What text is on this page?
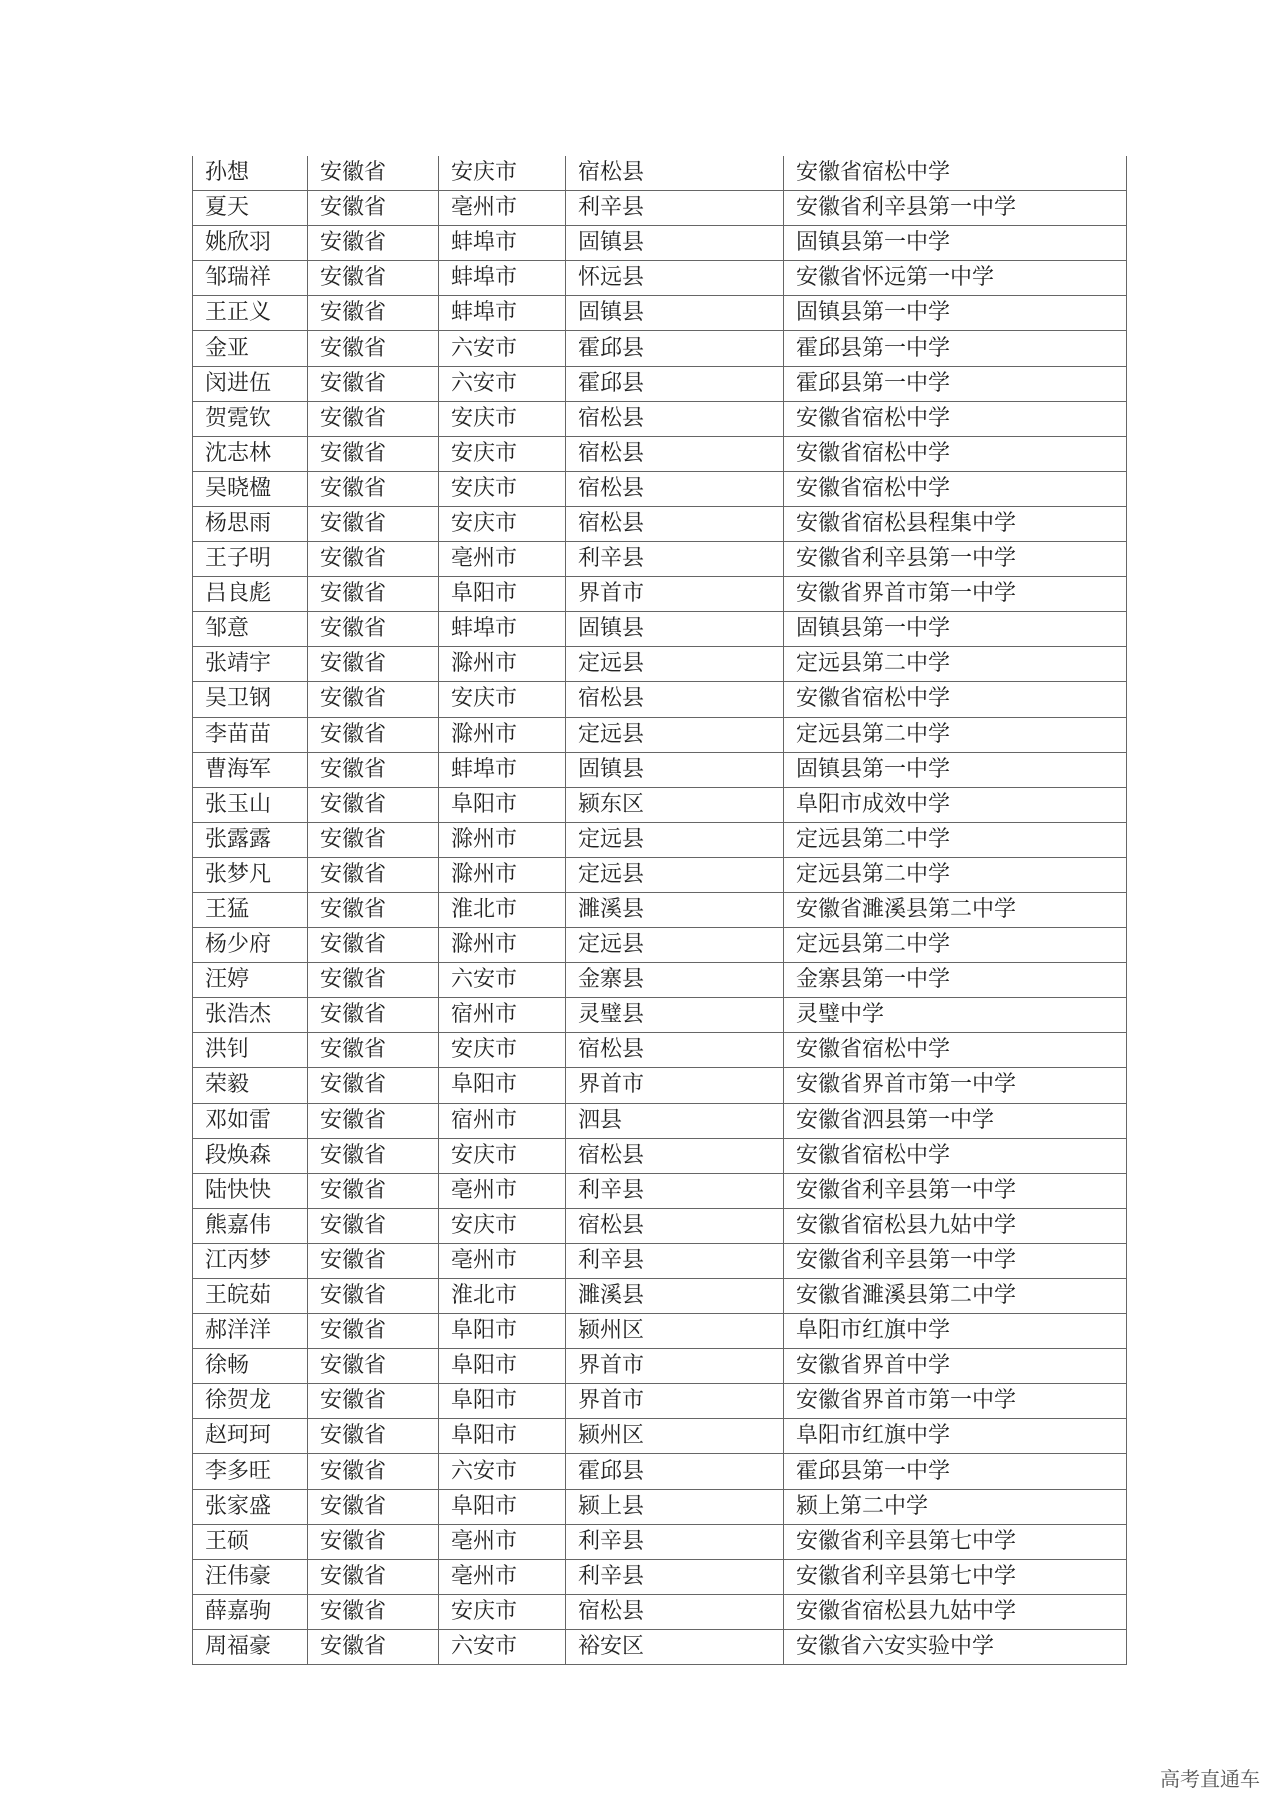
孙想	安徽省	安庆市	宿松县	安徽省宿松中学
夏天	安徽省	亳州市	利辛县	安徽省利辛县第一中学
姚欣羽	安徽省	蚌埠市	固镇县	固镇县第一中学
邹瑞祥	安徽省	蚌埠市	怀远县	安徽省怀远第一中学
王正义	安徽省	蚌埠市	固镇县	固镇县第一中学
金亚	安徽省	六安市	霍邱县	霍邱县第一中学
闵进伍	安徽省	六安市	霍邱县	霍邱县第一中学
贺霓钦	安徽省	安庆市	宿松县	安徽省宿松中学
沈志林	安徽省	安庆市	宿松县	安徽省宿松中学
吴晓楹	安徽省	安庆市	宿松县	安徽省宿松中学
杨思雨	安徽省	安庆市	宿松县	安徽省宿松县程集中学
王子明	安徽省	亳州市	利辛县	安徽省利辛县第一中学
吕良彪	安徽省	阜阳市	界首市	安徽省界首市第一中学
邹意	安徽省	蚌埠市	固镇县	固镇县第一中学
张靖宇	安徽省	滁州市	定远县	定远县第二中学
吴卫钢	安徽省	安庆市	宿松县	安徽省宿松中学
李苗苗	安徽省	滁州市	定远县	定远县第二中学
曹海军	安徽省	蚌埠市	固镇县	固镇县第一中学
张玉山	安徽省	阜阳市	颍东区	阜阳市成效中学
张露露	安徽省	滁州市	定远县	定远县第二中学
张梦凡	安徽省	滁州市	定远县	定远县第二中学
王猛	安徽省	淮北市	濉溪县	安徽省濉溪县第二中学
杨少府	安徽省	滁州市	定远县	定远县第二中学
汪婷	安徽省	六安市	金寨县	金寨县第一中学
张浩杰	安徽省	宿州市	灵璧县	灵璧中学
洪钊	安徽省	安庆市	宿松县	安徽省宿松中学
荣毅	安徽省	阜阳市	界首市	安徽省界首市第一中学
邓如雷	安徽省	宿州市	泗县	安徽省泗县第一中学
段焕森	安徽省	安庆市	宿松县	安徽省宿松中学
陆快快	安徽省	亳州市	利辛县	安徽省利辛县第一中学
熊嘉伟	安徽省	安庆市	宿松县	安徽省宿松县九姑中学
江丙梦	安徽省	亳州市	利辛县	安徽省利辛县第一中学
王皖茹	安徽省	淮北市	濉溪县	安徽省濉溪县第二中学
郝洋洋	安徽省	阜阳市	颍州区	阜阳市红旗中学
徐畅	安徽省	阜阳市	界首市	安徽省界首中学
徐贺龙	安徽省	阜阳市	界首市	安徽省界首市第一中学
赵珂珂	安徽省	阜阳市	颍州区	阜阳市红旗中学
李多旺	安徽省	六安市	霍邱县	霍邱县第一中学
张家盛	安徽省	阜阳市	颍上县	颍上第二中学
王硕	安徽省	亳州市	利辛县	安徽省利辛县第七中学
汪伟豪	安徽省	亳州市	利辛县	安徽省利辛县第七中学
薛嘉驹	安徽省	安庆市	宿松县	安徽省宿松县九姑中学
周福豪	安徽省	六安市	裕安区	安徽省六安实验中学
高考直通车
